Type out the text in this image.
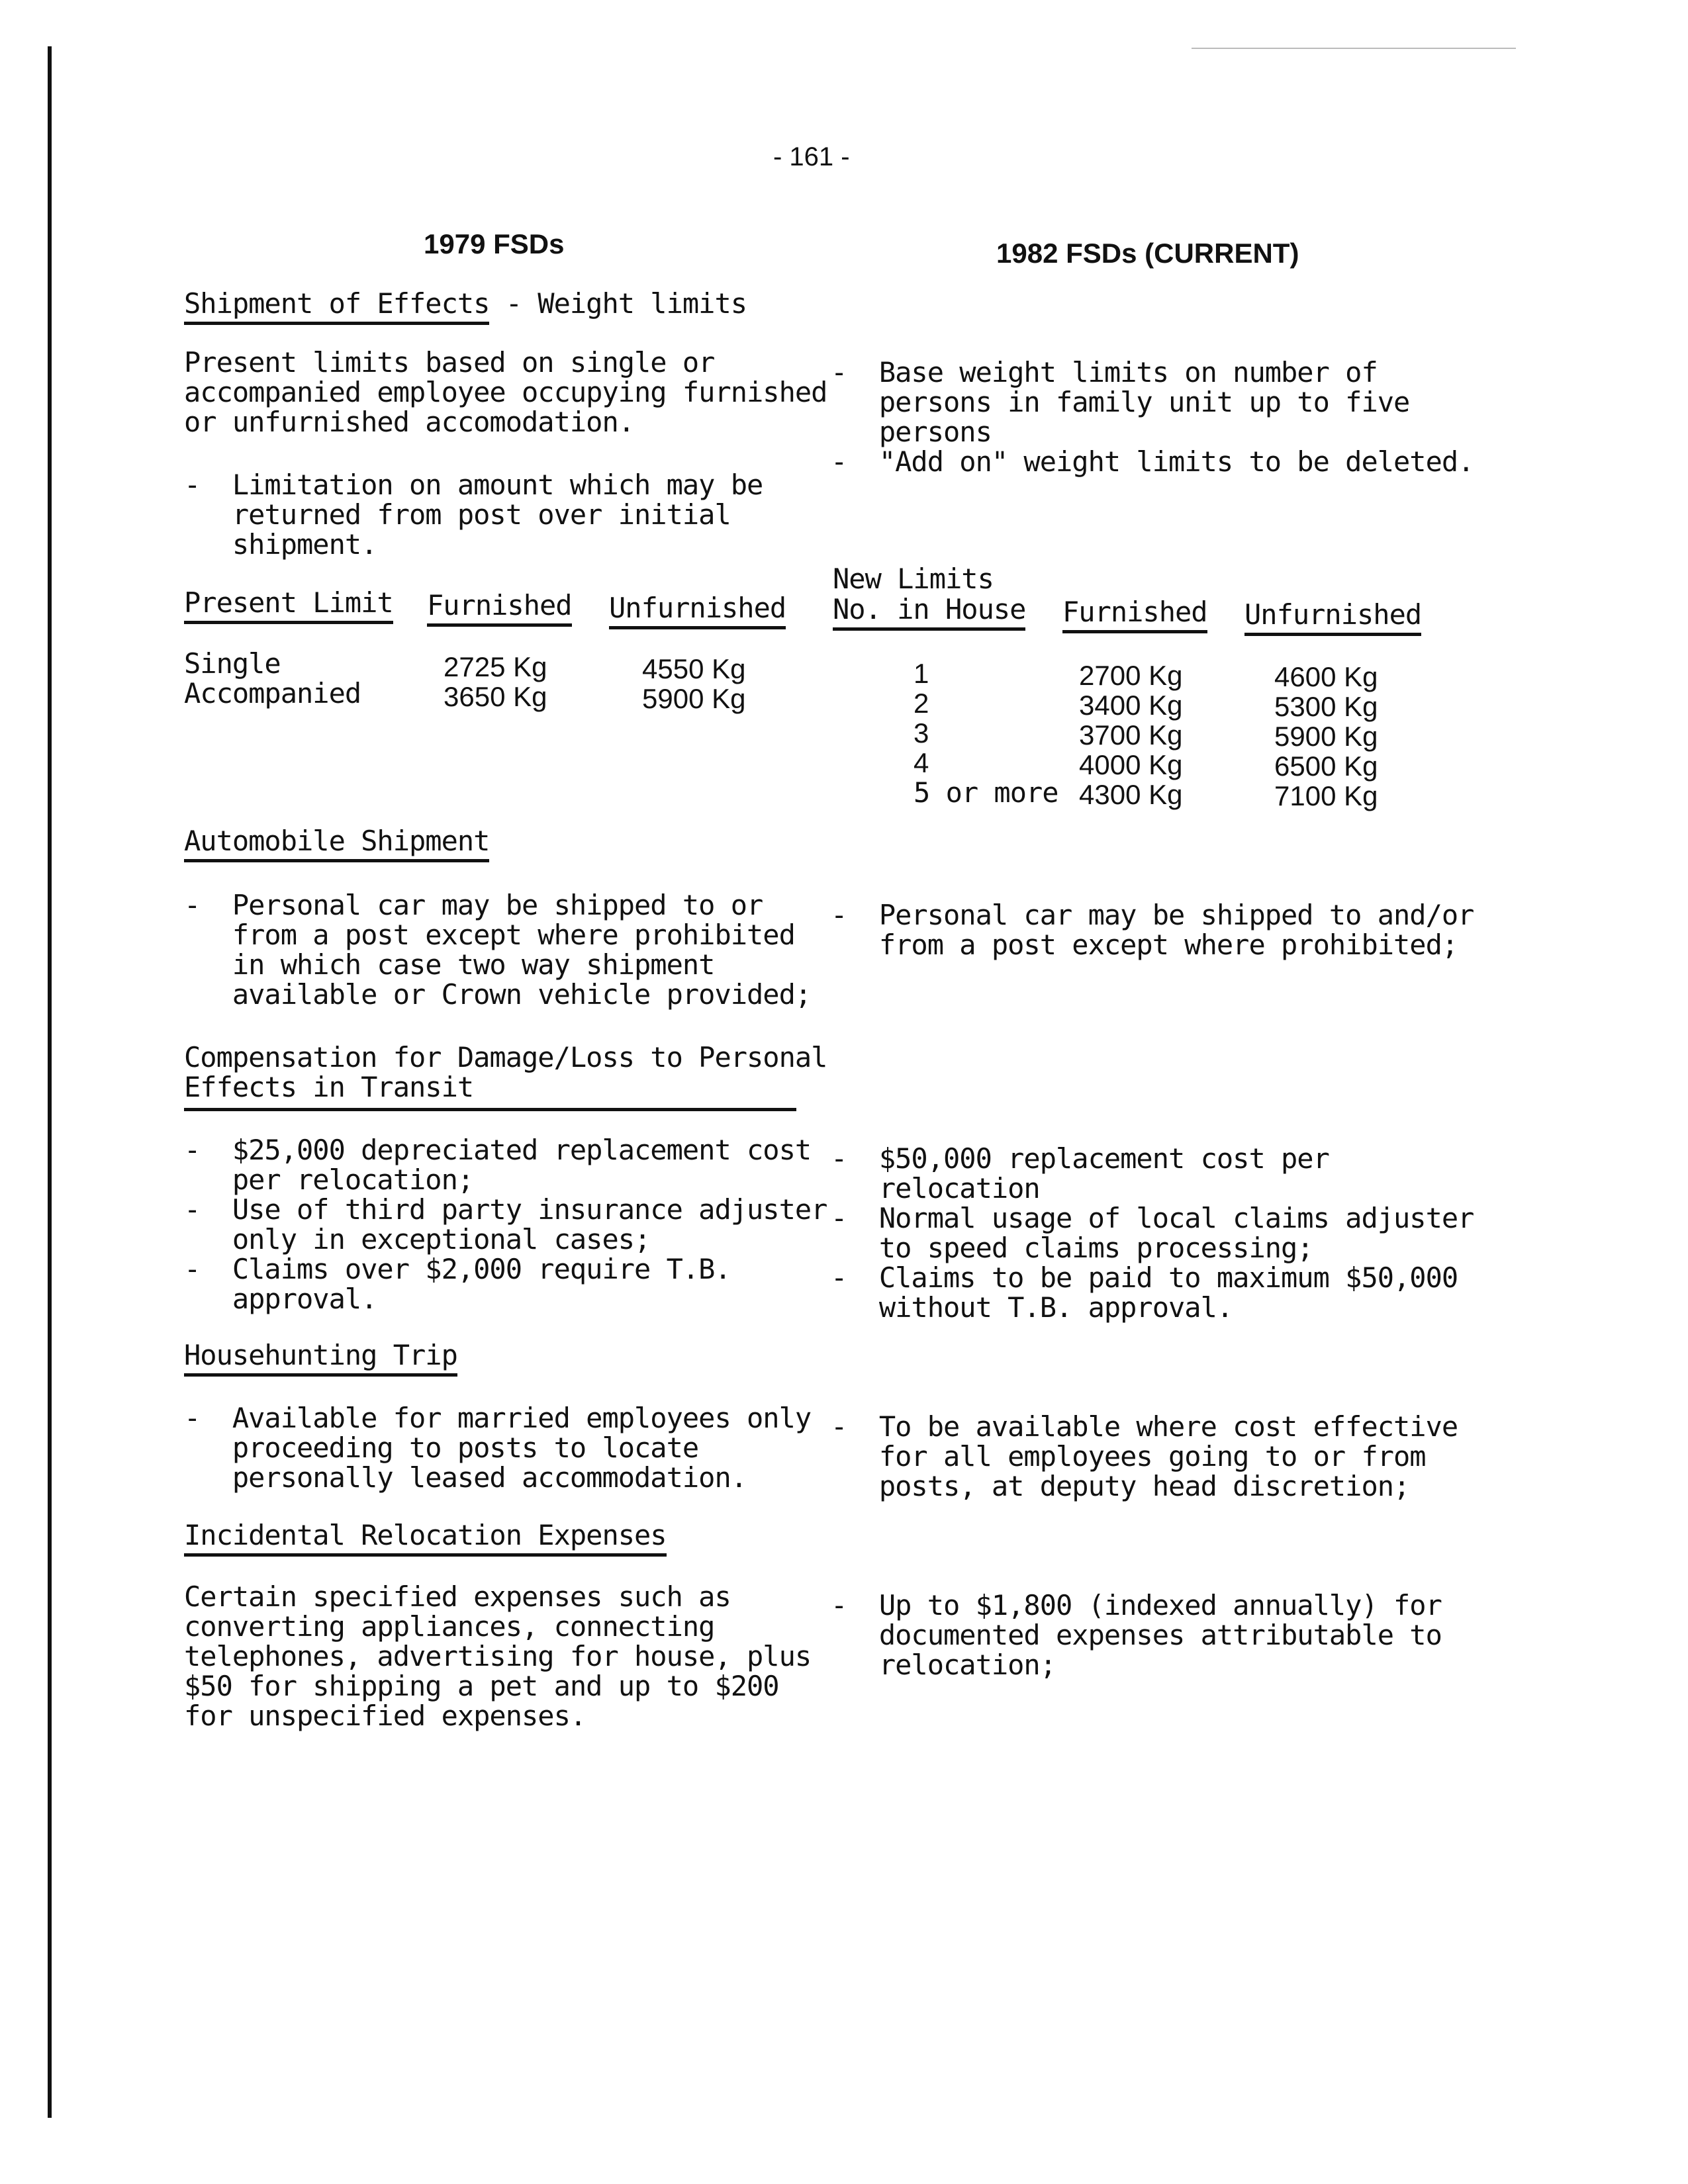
- 161 -
1979 FSDs	1982 FSDs (CURRENT)
Shipment of Effects - Weight limits
Present limits based on single or
accompanied employee occupying furnished
or unfurnished accomodation.
-  Limitation on amount which may be
returned from post over initial
shipment.
-  Base weight limits on number of
persons in family unit up to five
persons
-  "Add on" weight limits to be deleted.
Present Limit Furnished Unfurnished
Single	2725 Kg	4550 Kg
Accompanied	3650 Kg	5900 Kg
New Limits
No. in House Furnished Unfurnished
1	2700 Kg	4600 Kg
2	3400 Kg	5300 Kg
3	3700 Kg	5900 Kg
4	4000 Kg	6500 Kg
5 or more 4300 Kg	7100 Kg
Automobile Shipment
-  Personal car may be shipped to or
from a post except where prohibited
in which case two way shipment
available or Crown vehicle provided;
-  Personal car may be shipped to and/or
from a post except where prohibited;
Compensation for Damage/Loss to Personal
Effects in Transit
-  $25,000 depreciated replacement cost
per relocation;
-  Use of third party insurance adjuster
only in exceptional cases;
-  Claims over $2,000 require T.B.
approval.
-  $50,000 replacement cost per
relocation
-  Normal usage of local claims adjuster
to speed claims processing;
-  Claims to be paid to maximum $50,000
without T.B. approval.
Househunting Trip
-  Available for married employees only
proceeding to posts to locate
personally leased accommodation.
-  To be available where cost effective
for all employees going to or from
posts, at deputy head discretion;
Incidental Relocation Expenses
Certain specified expenses such as
converting appliances, connecting
telephones, advertising for house, plus
$50 for shipping a pet and up to $200
for unspecified expenses.
-  Up to $1,800 (indexed annually) for
documented expenses attributable to
relocation;
